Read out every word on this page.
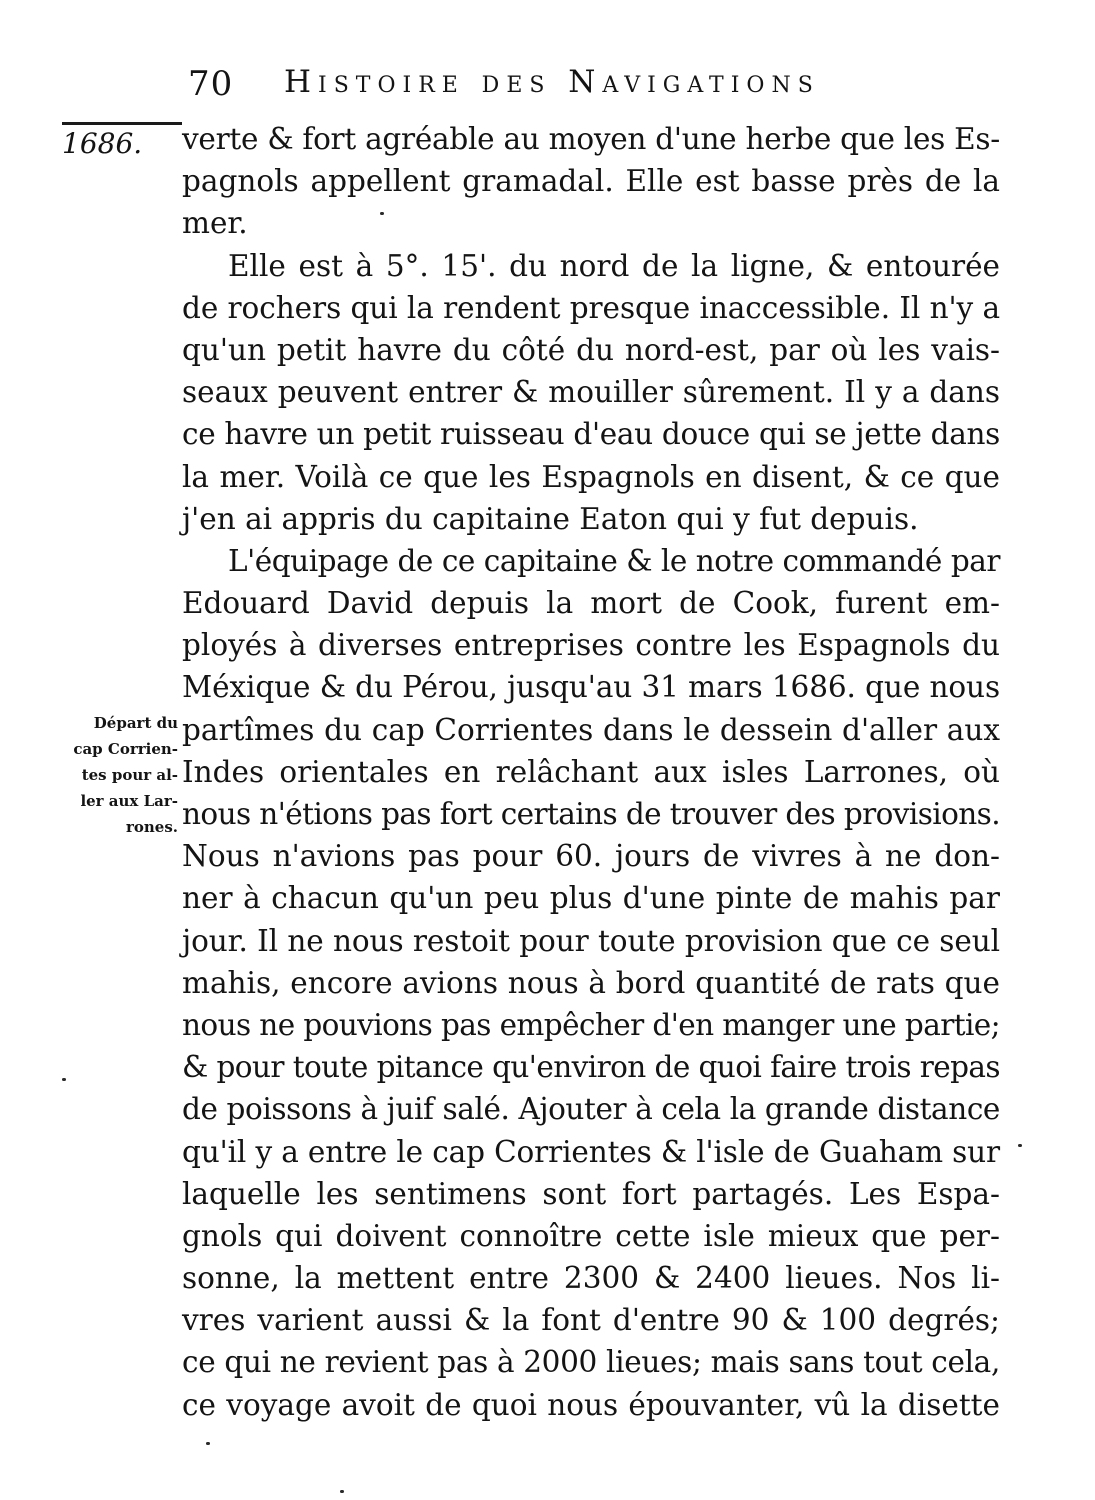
70 Histoire des Navigations
1686.
Départ du
cap Corrien-
tes pour al-
ler aux Lar-
rones.
verte & fort agréable au moyen d'une herbe que les Es-
pagnols appellent gramadal. Elle est basse près de la
mer.
Elle est à 5°. 15'. du nord de la ligne, & entourée
de rochers qui la rendent presque inaccessible. Il n'y a
qu'un petit havre du côté du nord-est, par où les vais-
seaux peuvent entrer & mouiller sûrement. Il y a dans
ce havre un petit ruisseau d'eau douce qui se jette dans
la mer. Voilà ce que les Espagnols en disent, & ce que
j'en ai appris du capitaine Eaton qui y fut depuis.
L'équipage de ce capitaine & le notre commandé par
Edouard David depuis la mort de Cook, furent em-
ployés à diverses entreprises contre les Espagnols du
Méxique & du Pérou, jusqu'au 31 mars 1686. que nous
partîmes du cap Corrientes dans le dessein d'aller aux
Indes orientales en relâchant aux isles Larrones, où
nous n'étions pas fort certains de trouver des provisions.
Nous n'avions pas pour 60. jours de vivres à ne don-
ner à chacun qu'un peu plus d'une pinte de mahis par
jour. Il ne nous restoit pour toute provision que ce seul
mahis, encore avions nous à bord quantité de rats que
nous ne pouvions pas empêcher d'en manger une partie;
& pour toute pitance qu'environ de quoi faire trois repas
de poissons à juif salé. Ajouter à cela la grande distance
qu'il y a entre le cap Corrientes & l'isle de Guaham sur
laquelle les sentimens sont fort partagés. Les Espa-
gnols qui doivent connoître cette isle mieux que per-
sonne, la mettent entre 2300 & 2400 lieues. Nos li-
vres varient aussi & la font d'entre 90 & 100 degrés;
ce qui ne revient pas à 2000 lieues; mais sans tout cela,
ce voyage avoit de quoi nous épouvanter, vû la disette
